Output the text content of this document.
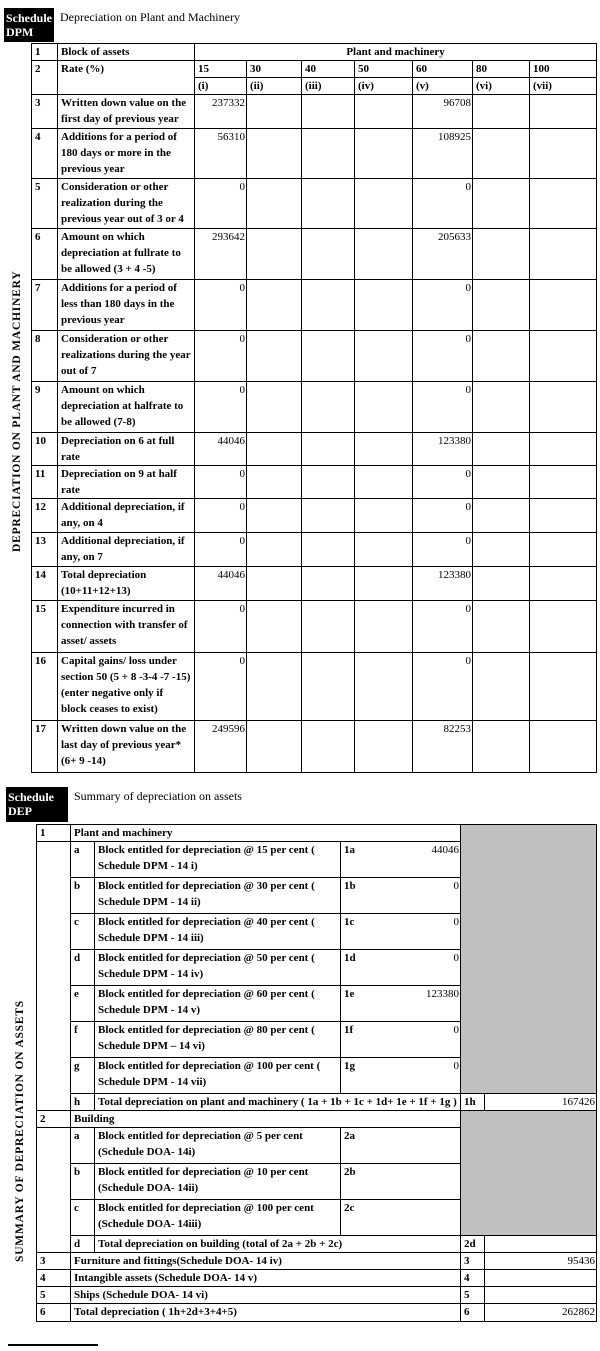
Schedule
DPM
Depreciation on Plant and Machinery
DEPRECIATION ON PLANT AND MACHINERY
1	Block of assets	Plant and machinery						
2	Rate (%)	15	30	40	50	60	80	100
		(i)	(ii)	(iii)	(iv)	(v)	(vi)	(vii)
3	Written down value on the first day of previous year	237332				96708		
4	Additions for a period of 180 days or more in the previous year	56310				108925		
5	Consideration or other realization during the previous year out of 3 or 4	0				0		
6	Amount on which depreciation at fullrate to be allowed (3 + 4 -5)	293642				205633		
7	Additions for a period of less than 180 days in the previous year	0				0		
8	Consideration or other realizations during the year out of 7	0				0		
9	Amount on which depreciation at halfrate to be allowed (7-8)	0				0		
10	Depreciation on 6 at full rate	44046				123380		
11	Depreciation on 9 at half rate	0				0		
12	Additional depreciation, if any, on 4	0				0		
13	Additional depreciation, if any, on 7	0				0		
14	Total depreciation (10+11+12+13)	44046				123380		
15	Expenditure incurred in connection with transfer of asset/ assets	0				0		
16	Capital gains/ loss under section 50 (5 + 8 -3-4 -7 -15) (enter negative only if block ceases to exist)	0				0		
17	Written down value on the last day of previous year* (6+ 9 -14)	249596				82253		
Schedule
DEP
Summary of depreciation on assets
SUMMARY OF DEPRECIATION ON ASSETS
1	Plant and machinery				
	a	Block entitled for depreciation @ 15 per cent ( Schedule DPM - 14 i)	1a 44046		
	b	Block entitled for depreciation @ 30 per cent ( Schedule DPM - 14 ii)	1b 0		
	c	Block entitled for depreciation @ 40 per cent ( Schedule DPM - 14 iii)	1c 0		
	d	Block entitled for depreciation @ 50 per cent ( Schedule DPM - 14 iv)	1d 0		
	e	Block entitled for depreciation @ 60 per cent ( Schedule DPM - 14 v)	1e 123380		
	f	Block entitled for depreciation @ 80 per cent ( Schedule DPM – 14 vi)	1f 0		
	g	Block entitled for depreciation @ 100 per cent ( Schedule DPM - 14 vii)	1g 0		
	h	Total depreciation on plant and machinery ( 1a + 1b + 1c + 1d+ 1e + 1f + 1g )		1h	167426
2	Building				
	a	Block entitled for depreciation @ 5 per cent (Schedule DOA- 14i)	2a		

	b	Block entitled for depreciation @ 10 per cent (Schedule DOA- 14ii)	2b		

	c	Block entitled for depreciation @ 100 per cent (Schedule DOA- 14iii)	2c		

	d	Total depreciation on building (total of 2a + 2b + 2c)		2d	
3	Furniture and fittings(Schedule DOA- 14 iv)			3	95436
4	Intangible assets (Schedule DOA- 14 v)			4	
5	Ships (Schedule DOA- 14 vi)			5	
6	Total depreciation ( 1h+2d+3+4+5)			6	262862
